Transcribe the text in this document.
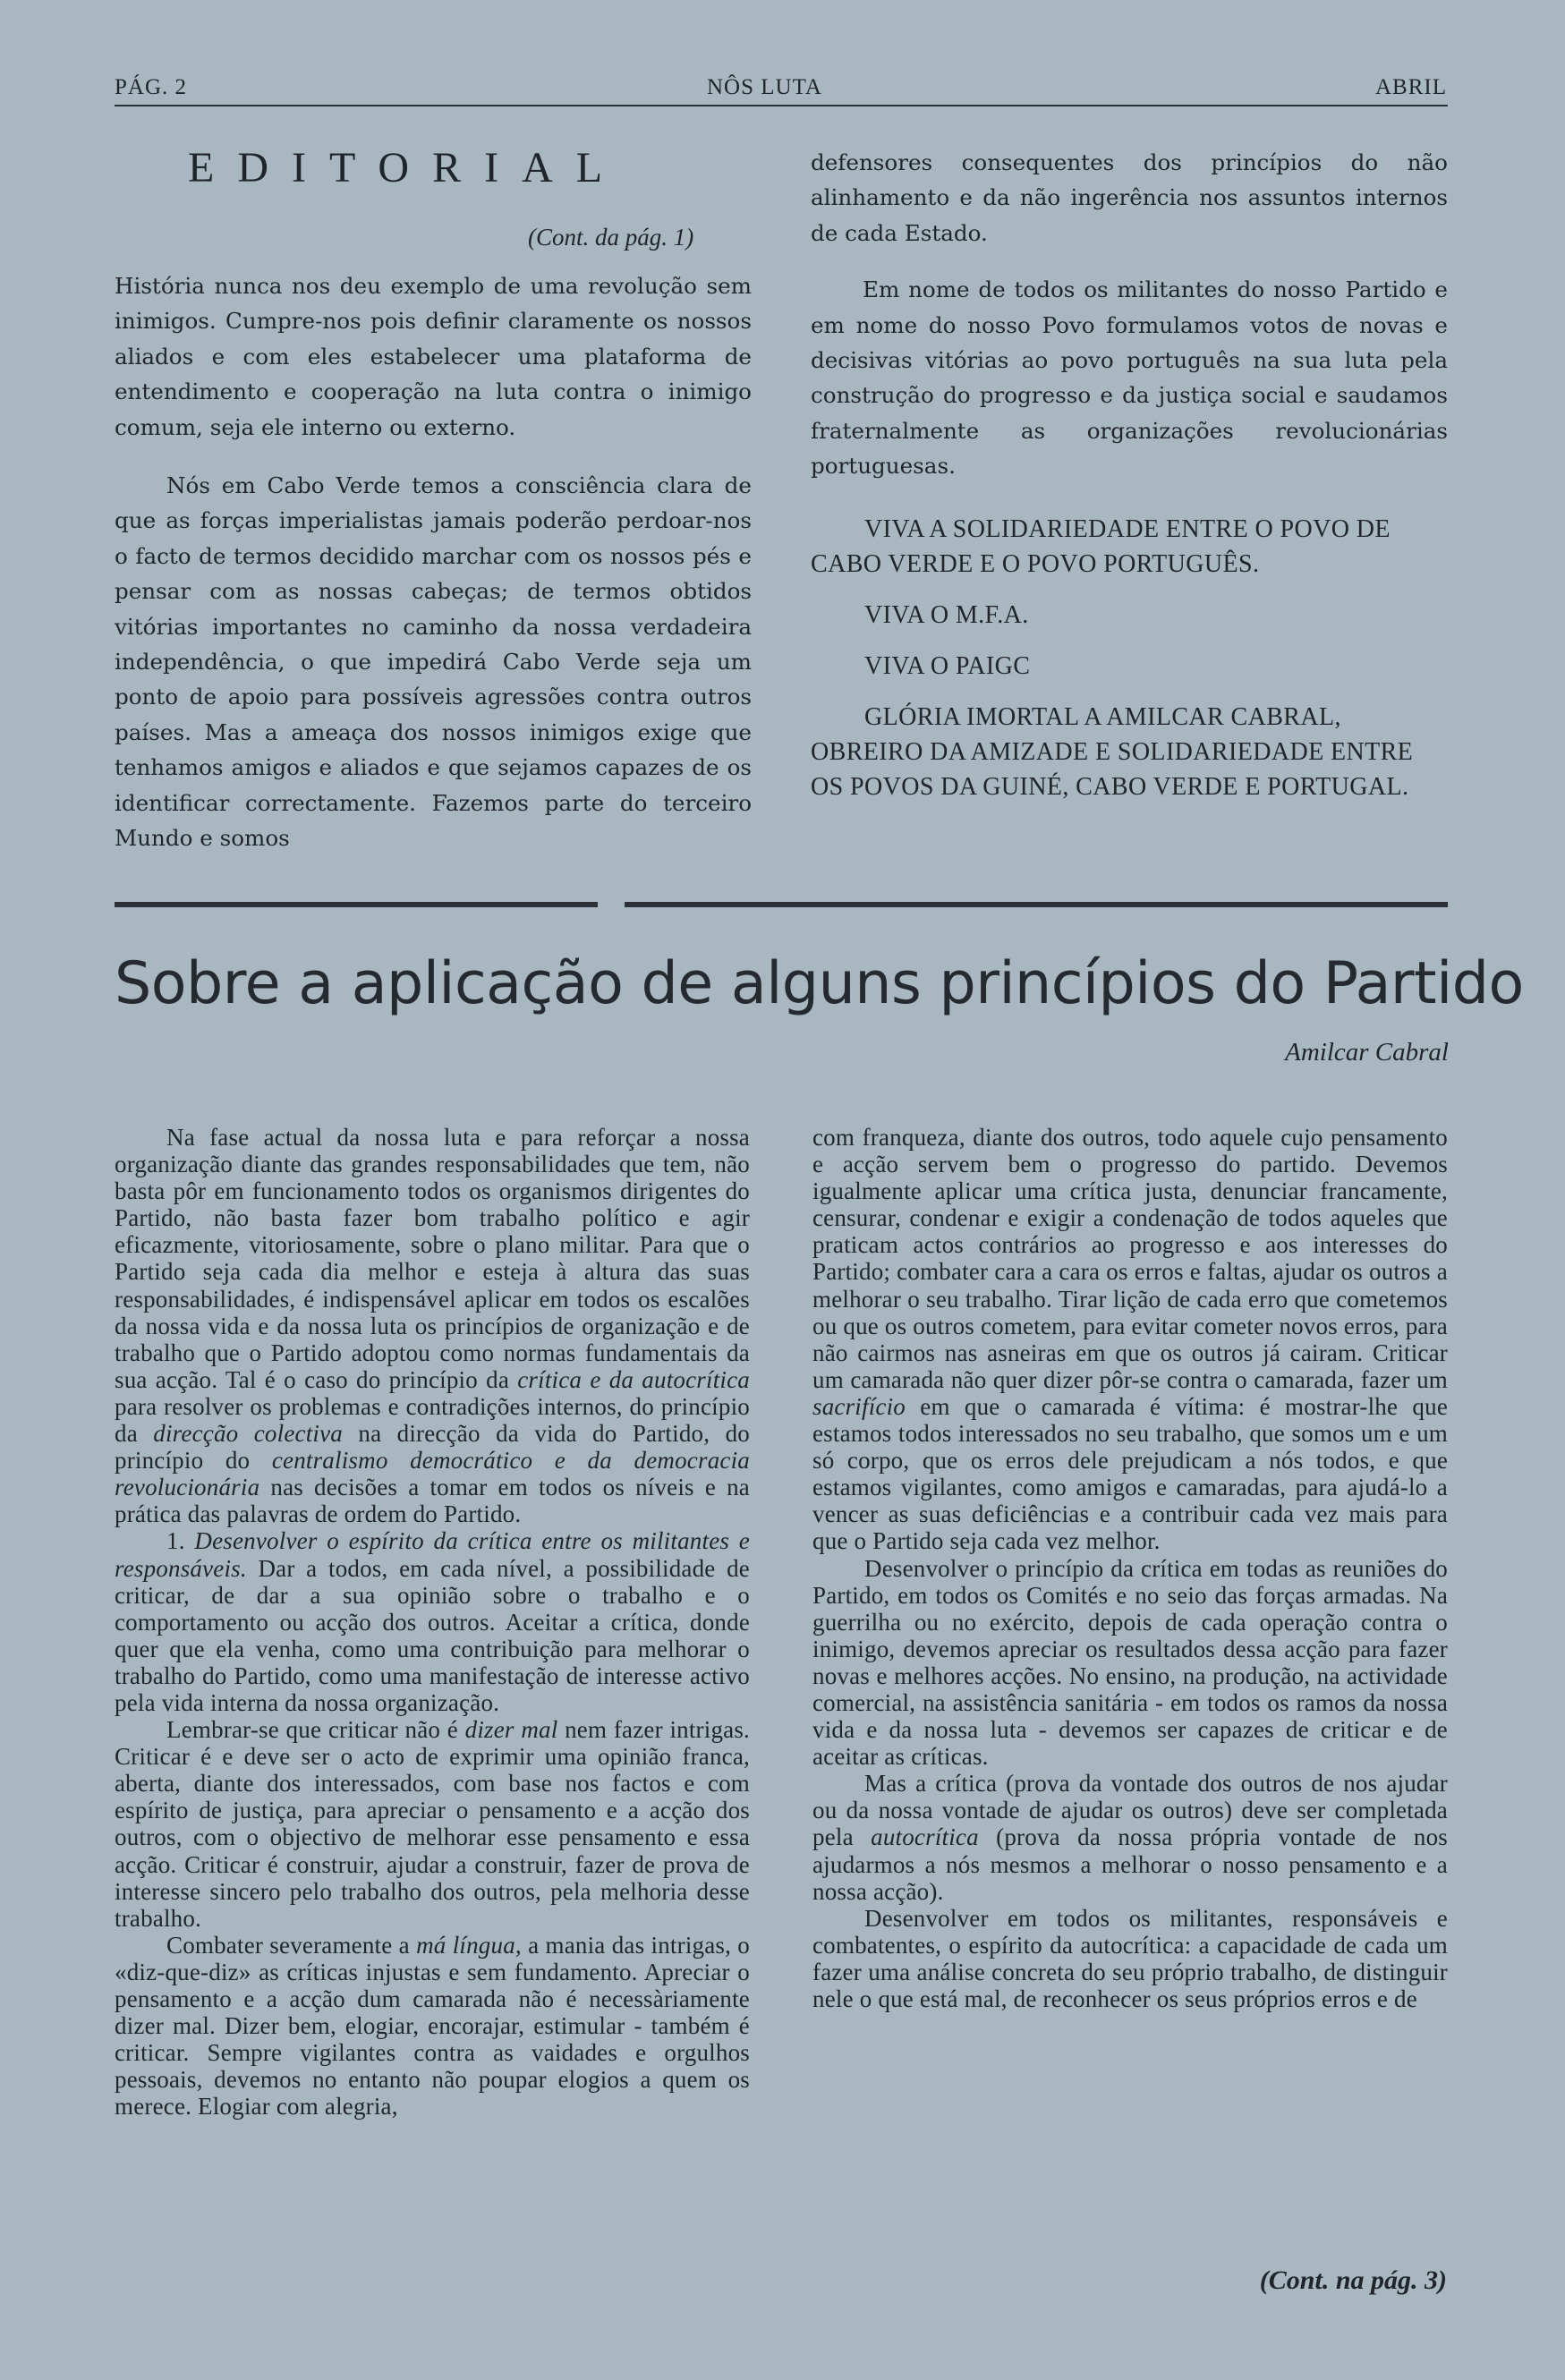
PÁG. 2	NÔS LUTA	ABRIL
EDITORIAL
(Cont. da pág. 1)

História nunca nos deu exemplo de uma revolução sem inimigos. Cumpre-nos pois definir claramente os nossos aliados e com eles estabelecer uma plataforma de entendimento e cooperação na luta contra o inimigo comum, seja ele interno ou externo.

Nós em Cabo Verde temos a consciência clara de que as forças imperialistas jamais poderão perdoar-nos o facto de termos decidido marchar com os nossos pés e pensar com as nossas cabeças; de termos obtidos vitórias importantes no caminho da nossa verdadeira independência, o que impedirá Cabo Verde seja um ponto de apoio para possíveis agressões contra outros países. Mas a ameaça dos nossos inimigos exige que tenhamos amigos e aliados e que sejamos capazes de os identificar correctamente. Fazemos parte do terceiro Mundo e somos

defensores consequentes dos princípios do não alinhamento e da não ingerência nos assuntos internos de cada Estado.

Em nome de todos os militantes do nosso Partido e em nome do nosso Povo formulamos votos de novas e decisivas vitórias ao povo português na sua luta pela construção do progresso e da justiça social e saudamos fraternalmente as organizações revolucionárias portuguesas.

VIVA A SOLIDARIEDADE ENTRE O POVO DE CABO VERDE E O POVO PORTUGUÊS.

VIVA O M.F.A.

VIVA O PAIGC

GLÓRIA IMORTAL A AMILCAR CABRAL, OBREIRO DA AMIZADE E SOLIDARIEDADE ENTRE OS POVOS DA GUINÉ, CABO VERDE E PORTUGAL.

Sobre a aplicação de alguns princípios do Partido
Amilcar Cabral

Na fase actual da nossa luta e para reforçar a nossa organização diante das grandes responsabilidades que tem, não basta pôr em funcionamento todos os organismos dirigentes do Partido, não basta fazer bom trabalho político e agir eficazmente, vitoriosamente, sobre o plano militar. Para que o Partido seja cada dia melhor e esteja à altura das suas responsabilidades, é indispensável aplicar em todos os escalões da nossa vida e da nossa luta os princípios de organização e de trabalho que o Partido adoptou como normas fundamentais da sua acção. Tal é o caso do princípio da crítica e da autocrítica para resolver os problemas e contradições internos, do princípio da direcção colectiva na direcção da vida do Partido, do princípio do centralismo democrático e da democracia revolucionária nas decisões a tomar em todos os níveis e na prática das palavras de ordem do Partido.

1. Desenvolver o espírito da crítica entre os militantes e responsáveis. Dar a todos, em cada nível, a possibilidade de criticar, de dar a sua opinião sobre o trabalho e o comportamento ou acção dos outros. Aceitar a crítica, donde quer que ela venha, como uma contribuição para melhorar o trabalho do Partido, como uma manifestação de interesse activo pela vida interna da nossa organização.

Lembrar-se que criticar não é dizer mal nem fazer intrigas. Criticar é e deve ser o acto de exprimir uma opinião franca, aberta, diante dos interessados, com base nos factos e com espírito de justiça, para apreciar o pensamento e a acção dos outros, com o objectivo de melhorar esse pensamento e essa acção. Criticar é construir, ajudar a construir, fazer de prova de interesse sincero pelo trabalho dos outros, pela melhoria desse trabalho.

Combater severamente a má língua, a mania das intrigas, o «diz-que-diz» as críticas injustas e sem fundamento. Apreciar o pensamento e a acção dum camarada não é necessàriamente dizer mal. Dizer bem, elogiar, encorajar, estimular - também é criticar. Sempre vigilantes contra as vaidades e orgulhos pessoais, devemos no entanto não poupar elogios a quem os merece. Elogiar com alegria,

com franqueza, diante dos outros, todo aquele cujo pensamento e acção servem bem o progresso do partido. Devemos igualmente aplicar uma crítica justa, denunciar francamente, censurar, condenar e exigir a condenação de todos aqueles que praticam actos contrários ao progresso e aos interesses do Partido; combater cara a cara os erros e faltas, ajudar os outros a melhorar o seu trabalho. Tirar lição de cada erro que cometemos ou que os outros cometem, para evitar cometer novos erros, para não cairmos nas asneiras em que os outros já cairam. Criticar um camarada não quer dizer pôr-se contra o camarada, fazer um sacrifício em que o camarada é vítima: é mostrar-lhe que estamos todos interessados no seu trabalho, que somos um e um só corpo, que os erros dele prejudicam a nós todos, e que estamos vigilantes, como amigos e camaradas, para ajudá-lo a vencer as suas deficiências e a contribuir cada vez mais para que o Partido seja cada vez melhor.

Desenvolver o princípio da crítica em todas as reuniões do Partido, em todos os Comités e no seio das forças armadas. Na guerrilha ou no exército, depois de cada operação contra o inimigo, devemos apreciar os resultados dessa acção para fazer novas e melhores acções. No ensino, na produção, na actividade comercial, na assistência sanitária - em todos os ramos da nossa vida e da nossa luta - devemos ser capazes de criticar e de aceitar as críticas.

Mas a crítica (prova da vontade dos outros de nos ajudar ou da nossa vontade de ajudar os outros) deve ser completada pela autocrítica (prova da nossa própria vontade de nos ajudarmos a nós mesmos a melhorar o nosso pensamento e a nossa acção).

Desenvolver em todos os militantes, responsáveis e combatentes, o espírito da autocrítica: a capacidade de cada um fazer uma análise concreta do seu próprio trabalho, de distinguir nele o que está mal, de reconhecer os seus próprios erros e de

(Cont. na pág. 3)
